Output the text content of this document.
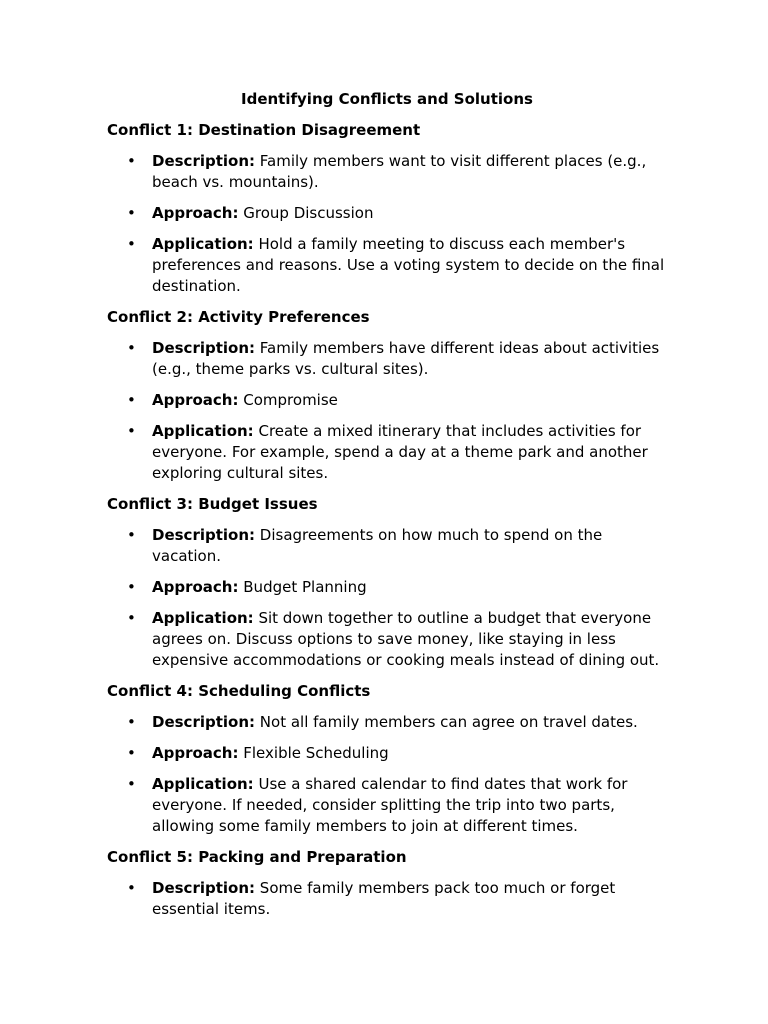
Identifying Conflicts and Solutions
Conflict 1: Destination Disagreement
• Description: Family members want to visit different places (e.g., beach vs. mountains).
• Approach: Group Discussion
• Application: Hold a family meeting to discuss each member's preferences and reasons. Use a voting system to decide on the final destination.
Conflict 2: Activity Preferences
• Description: Family members have different ideas about activities (e.g., theme parks vs. cultural sites).
• Approach: Compromise
• Application: Create a mixed itinerary that includes activities for everyone. For example, spend a day at a theme park and another exploring cultural sites.
Conflict 3: Budget Issues
• Description: Disagreements on how much to spend on the vacation.
• Approach: Budget Planning
• Application: Sit down together to outline a budget that everyone agrees on. Discuss options to save money, like staying in less expensive accommodations or cooking meals instead of dining out.
Conflict 4: Scheduling Conflicts
• Description: Not all family members can agree on travel dates.
• Approach: Flexible Scheduling
• Application: Use a shared calendar to find dates that work for everyone. If needed, consider splitting the trip into two parts, allowing some family members to join at different times.
Conflict 5: Packing and Preparation
• Description: Some family members pack too much or forget essential items.
